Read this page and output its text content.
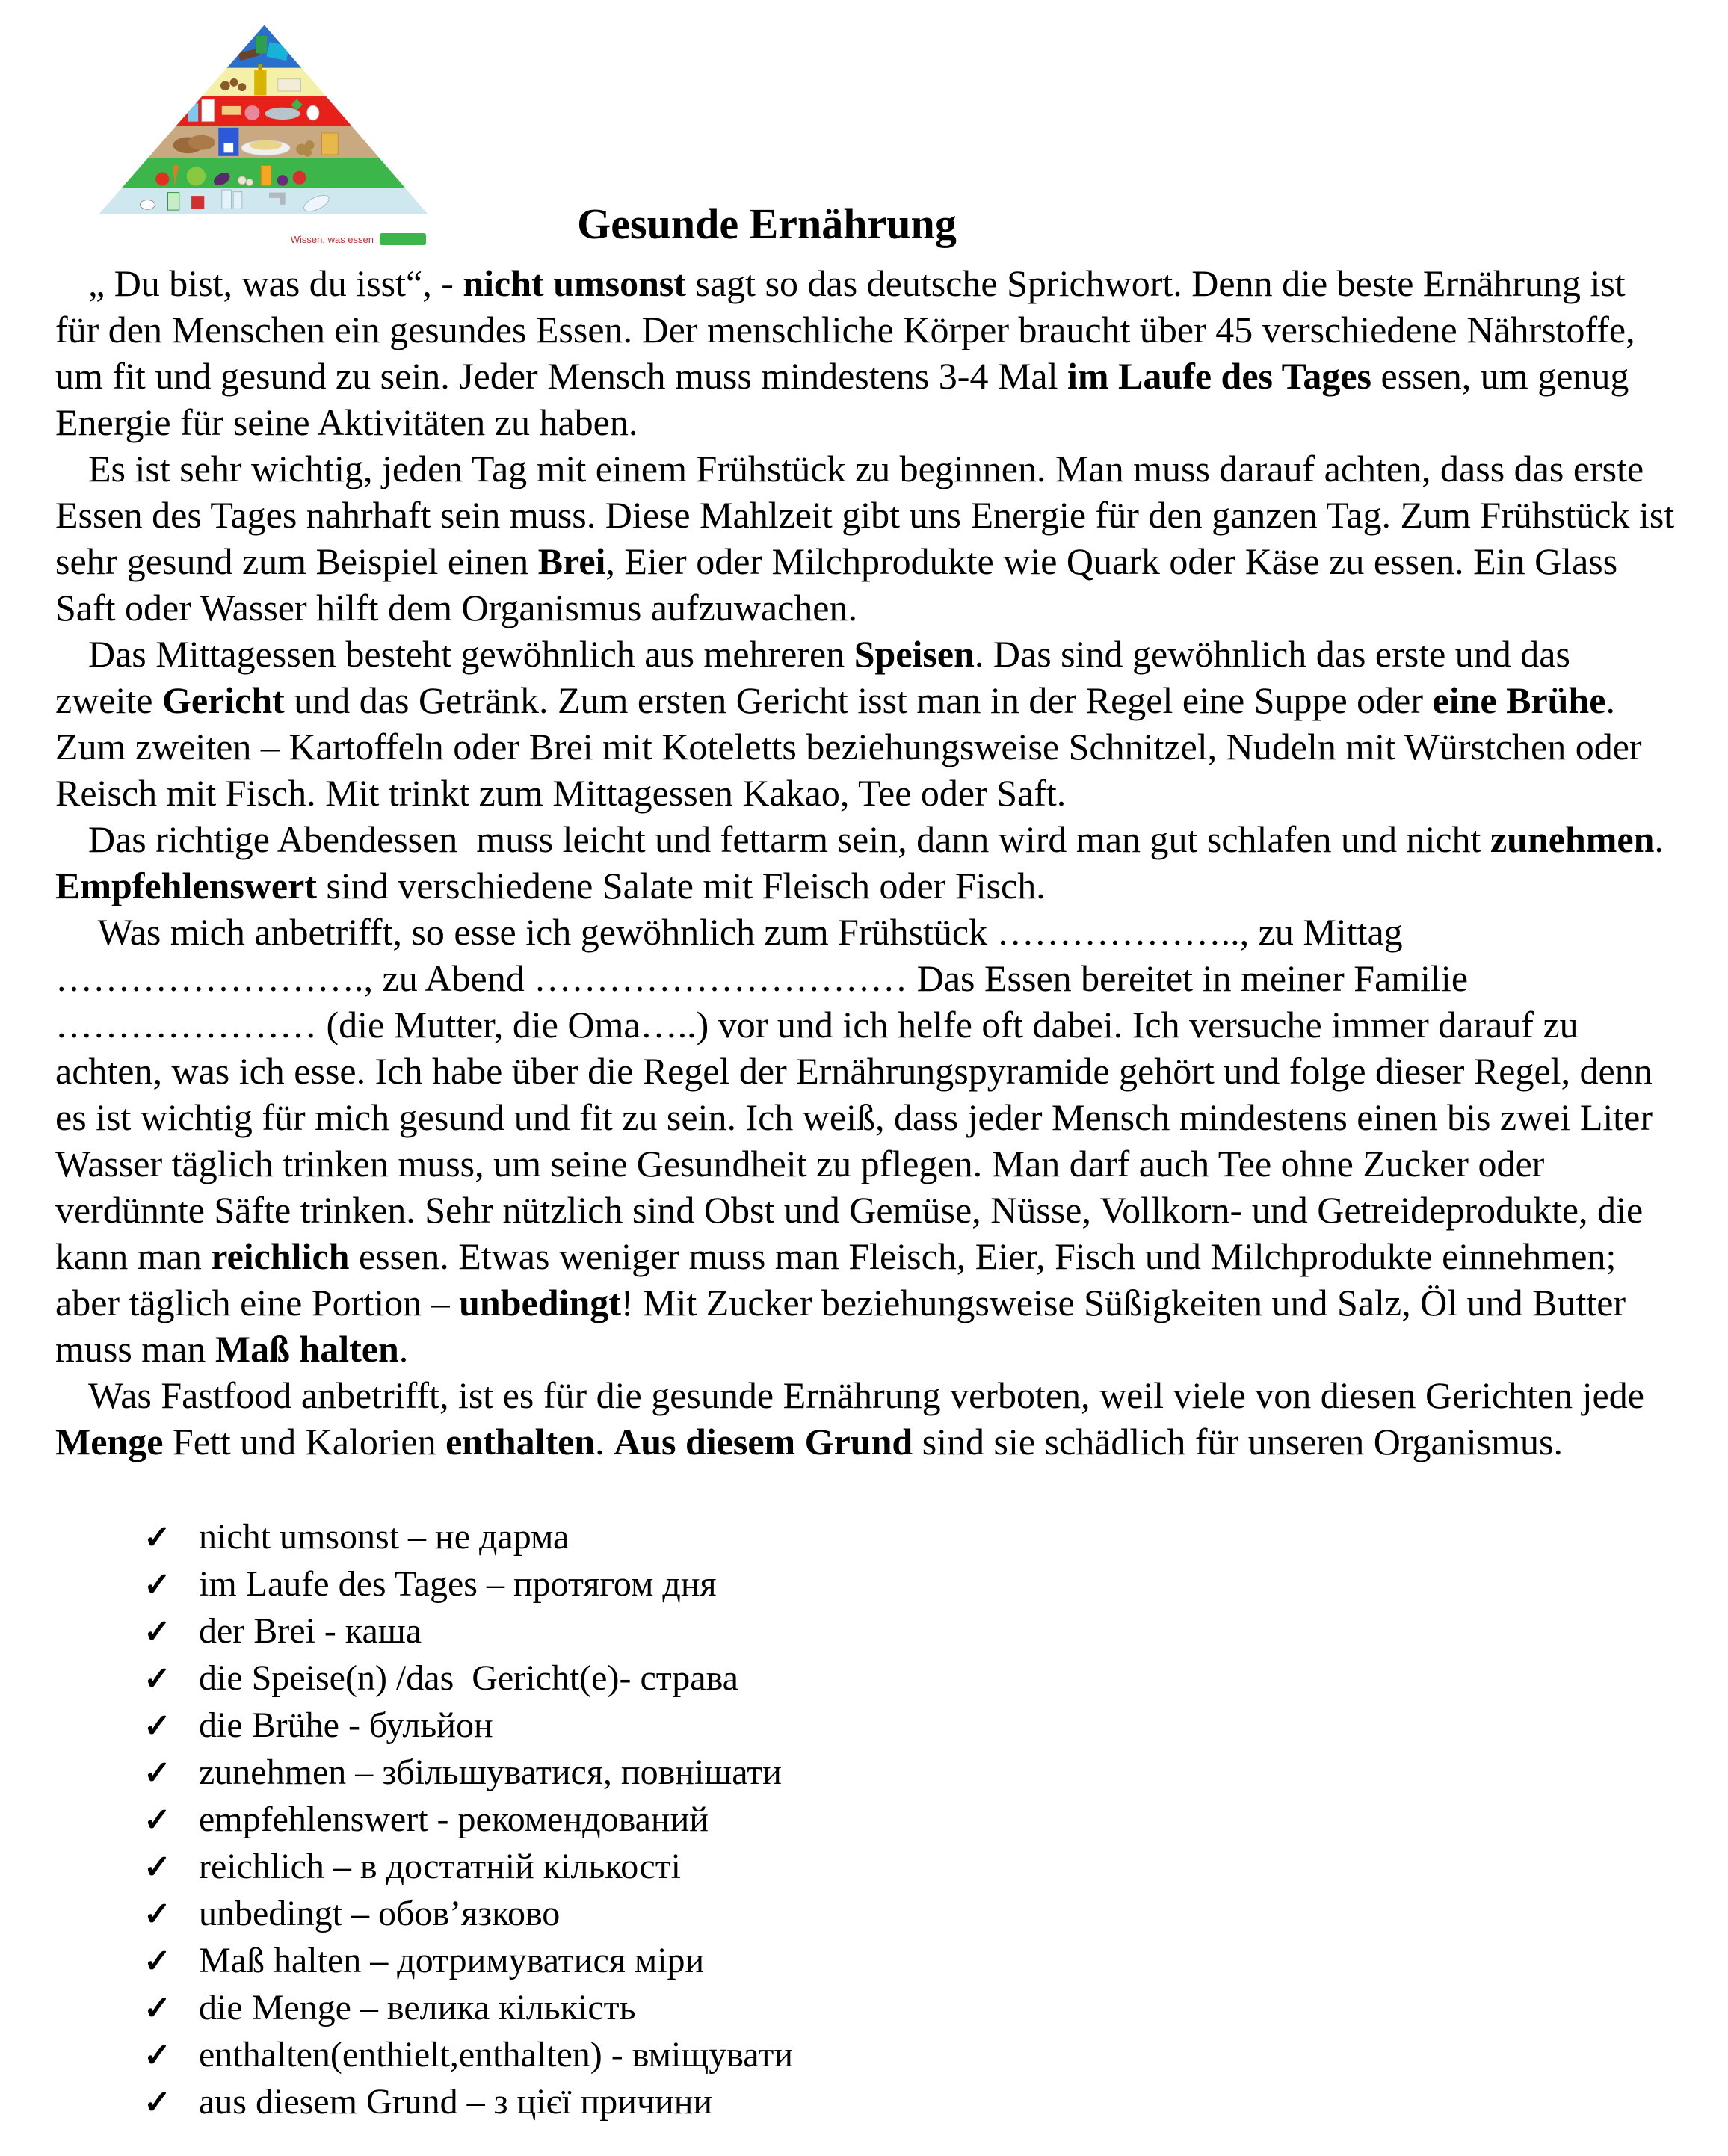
Wissen, was essen	Gesunde Ernährung

„ Du bist, was du isst“, - nicht umsonst sagt so das deutsche Sprichwort. Denn die beste Ernährung ist für den Menschen ein gesundes Essen. Der menschliche Körper braucht über 45 verschiedene Nährstoffe, um fit und gesund zu sein. Jeder Mensch muss mindestens 3-4 Mal im Laufe des Tages essen, um genug Energie für seine Aktivitäten zu haben.

Es ist sehr wichtig, jeden Tag mit einem Frühstück zu beginnen. Man muss darauf achten, dass das erste Essen des Tages nahrhaft sein muss. Diese Mahlzeit gibt uns Energie für den ganzen Tag. Zum Frühstück ist sehr gesund zum Beispiel einen Brei, Eier oder Milchprodukte wie Quark oder Käse zu essen. Ein Glass Saft oder Wasser hilft dem Organismus aufzuwachen.

Das Mittagessen besteht gewöhnlich aus mehreren Speisen. Das sind gewöhnlich das erste und das zweite Gericht und das Getränk. Zum ersten Gericht isst man in der Regel eine Suppe oder eine Brühe. Zum zweiten – Kartoffeln oder Brei mit Koteletts beziehungsweise Schnitzel, Nudeln mit Würstchen oder Reisch mit Fisch. Mit trinkt zum Mittagessen Kakao, Tee oder Saft.

Das richtige Abendessen  muss leicht und fettarm sein, dann wird man gut schlafen und nicht zunehmen. Empfehlenswert sind verschiedene Salate mit Fleisch oder Fisch.

Was mich anbetrifft, so esse ich gewöhnlich zum Frühstück ……………….., zu Mittag ……………………., zu Abend ………………………… Das Essen bereitet in meiner Familie ………………… (die Mutter, die Oma…..) vor und ich helfe oft dabei. Ich versuche immer darauf zu achten, was ich esse. Ich habe über die Regel der Ernährungspyramide gehört und folge dieser Regel, denn es ist wichtig für mich gesund und fit zu sein. Ich weiß, dass jeder Mensch mindestens einen bis zwei Liter Wasser täglich trinken muss, um seine Gesundheit zu pflegen. Man darf auch Tee ohne Zucker oder verdünnte Säfte trinken. Sehr nützlich sind Obst und Gemüse, Nüsse, Vollkorn- und Getreideprodukte, die kann man reichlich essen. Etwas weniger muss man Fleisch, Eier, Fisch und Milchprodukte einnehmen; aber täglich eine Portion – unbedingt! Mit Zucker beziehungsweise Süßigkeiten und Salz, Öl und Butter muss man Maß halten.

Was Fastfood anbetrifft, ist es für die gesunde Ernährung verboten, weil viele von diesen Gerichten jede Menge Fett und Kalorien enthalten. Aus diesem Grund sind sie schädlich für unseren Organismus.

✓ nicht umsonst – не дарма
✓ im Laufe des Tages – протягом дня
✓ der Brei - каша
✓ die Speise(n) /das  Gericht(e)- страва
✓ die Brühe - бульйон
✓ zunehmen – збільшуватися, повнішати
✓ empfehlenswert - рекомендований
✓ reichlich – в достатній кількості
✓ unbedingt – обов’язково
✓ Maß halten – дотримуватися міри
✓ die Menge – велика кількість
✓ enthalten(enthielt,enthalten) - вміщувати
✓ aus diesem Grund – з цієї причини
